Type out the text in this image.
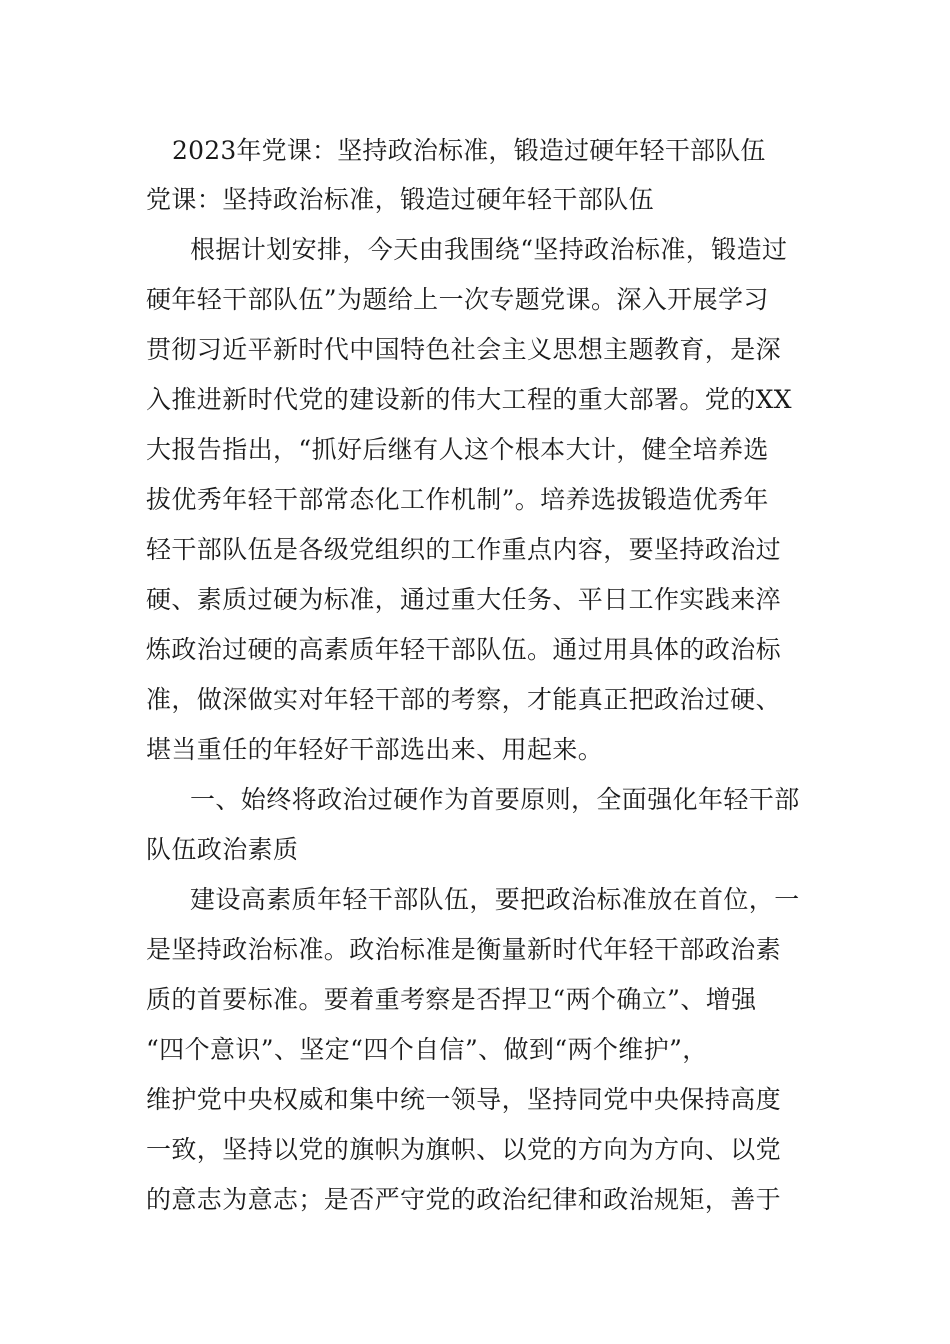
2023年党课：坚持政治标准，锻造过硬年轻干部队伍
党课：坚持政治标准，锻造过硬年轻干部队伍
根据计划安排，今天由我围绕“坚持政治标准，锻造过
硬年轻干部队伍”为题给上一次专题党课。深入开展学习
贯彻习近平新时代中国特色社会主义思想主题教育，是深
入推进新时代党的建设新的伟大工程的重大部署。党的XX
大报告指出，“抓好后继有人这个根本大计，健全培养选
拔优秀年轻干部常态化工作机制”。培养选拔锻造优秀年
轻干部队伍是各级党组织的工作重点内容，要坚持政治过
硬、素质过硬为标准，通过重大任务、平日工作实践来淬
炼政治过硬的高素质年轻干部队伍。通过用具体的政治标
准，做深做实对年轻干部的考察，才能真正把政治过硬、
堪当重任的年轻好干部选出来、用起来。
一、始终将政治过硬作为首要原则，全面强化年轻干部
队伍政治素质
建设高素质年轻干部队伍，要把政治标准放在首位，一
是坚持政治标准。政治标准是衡量新时代年轻干部政治素
质的首要标准。要着重考察是否捍卫“两个确立”、增强
“四个意识”、坚定“四个自信”、做到“两个维护”，
维护党中央权威和集中统一领导，坚持同党中央保持高度
一致，坚持以党的旗帜为旗帜、以党的方向为方向、以党
的意志为意志；是否严守党的政治纪律和政治规矩，善于
